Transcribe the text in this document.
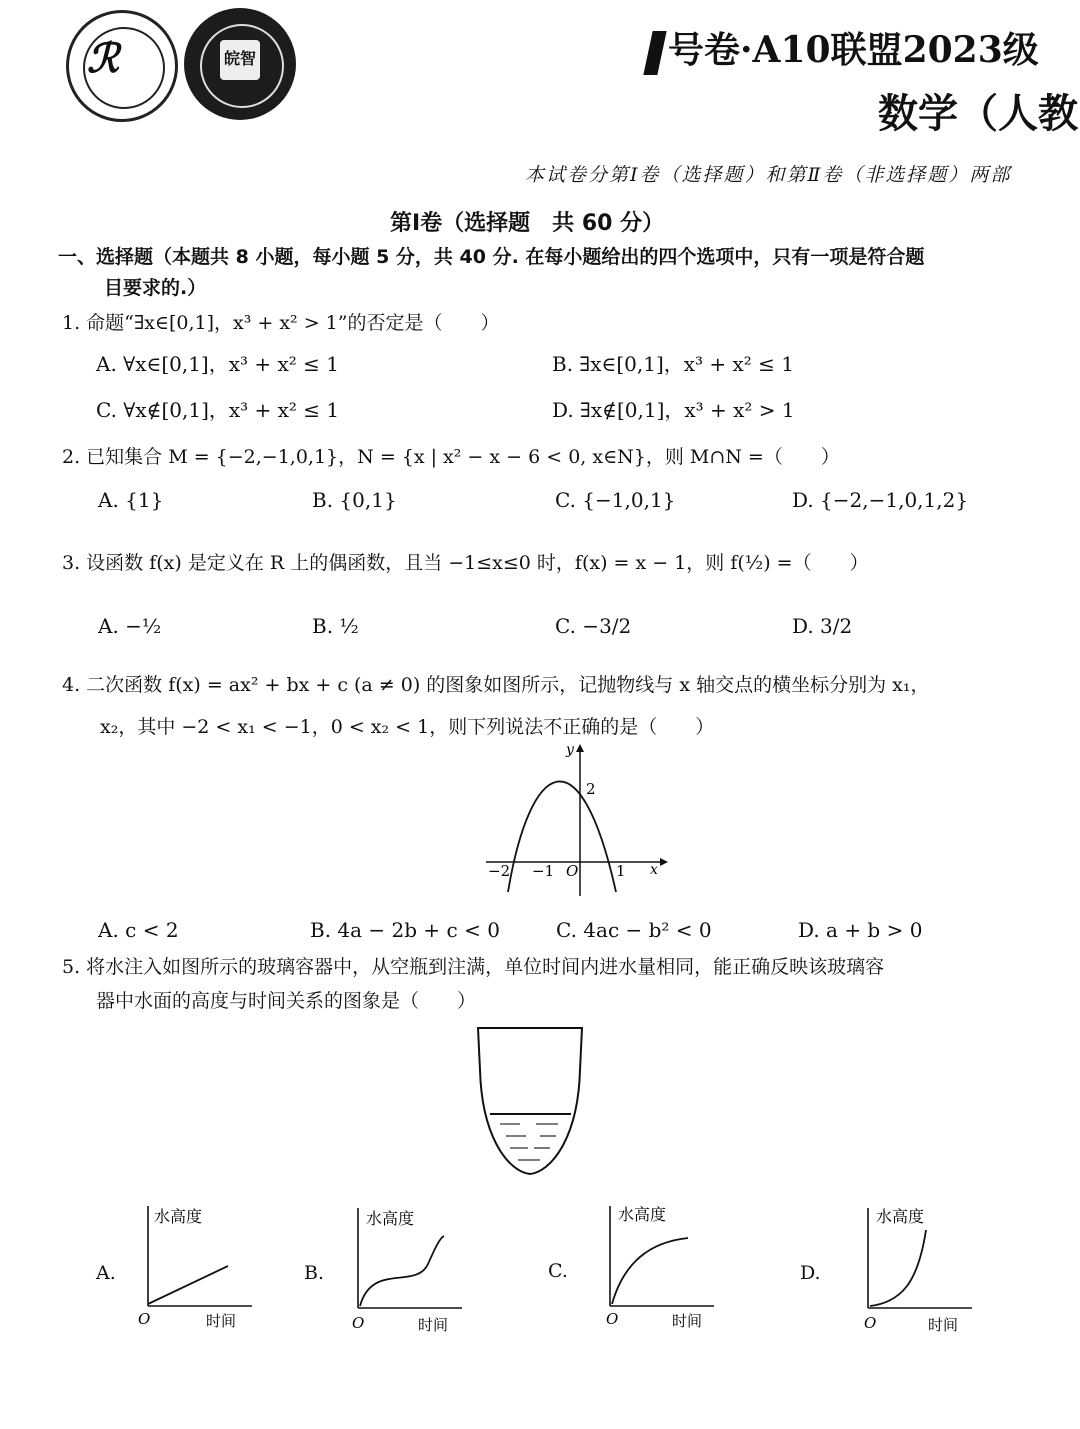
ℛ	皖智	号卷·A10联盟2023级
数学（人教
本试卷分第Ⅰ卷（选择题）和第Ⅱ卷（非选择题）两部
第Ⅰ卷（选择题　共 60 分）
一、选择题（本题共 8 小题，每小题 5 分，共 40 分. 在每小题给出的四个选项中，只有一项是符合题
目要求的.）
1. 命题“∃x∈[0,1]，x³ + x² > 1”的否定是（　　）
A. ∀x∈[0,1]，x³ + x² ≤ 1	B. ∃x∈[0,1]，x³ + x² ≤ 1
C. ∀x∉[0,1]，x³ + x² ≤ 1	D. ∃x∉[0,1]，x³ + x² > 1
2. 已知集合 M = {−2,−1,0,1}，N = {x | x² − x − 6 < 0, x∈N}，则 M∩N =（　　）
A. {1}	B. {0,1}	C. {−1,0,1}	D. {−2,−1,0,1,2}
3. 设函数 f(x) 是定义在 R 上的偶函数，且当 −1≤x≤0 时，f(x) = x − 1，则 f(½) =（　　）
A. −½	B. ½	C. −3/2	D. 3/2
4. 二次函数 f(x) = ax² + bx + c (a ≠ 0) 的图象如图所示，记抛物线与 x 轴交点的横坐标分别为 x₁，
x₂，其中 −2 < x₁ < −1，0 < x₂ < 1，则下列说法不正确的是（　　）
y
x
2
−2 −1 O	1
A. c < 2	B. 4a − 2b + c < 0	C. 4ac − b² < 0	D. a + b > 0
5. 将水注入如图所示的玻璃容器中，从空瓶到注满，单位时间内进水量相同，能正确反映该玻璃容
器中水面的高度与时间关系的图象是（　　）
A.	B.	C.	D.
水高度
O	时间
水高度
O	时间
水高度
O	时间
水高度
O	时间
